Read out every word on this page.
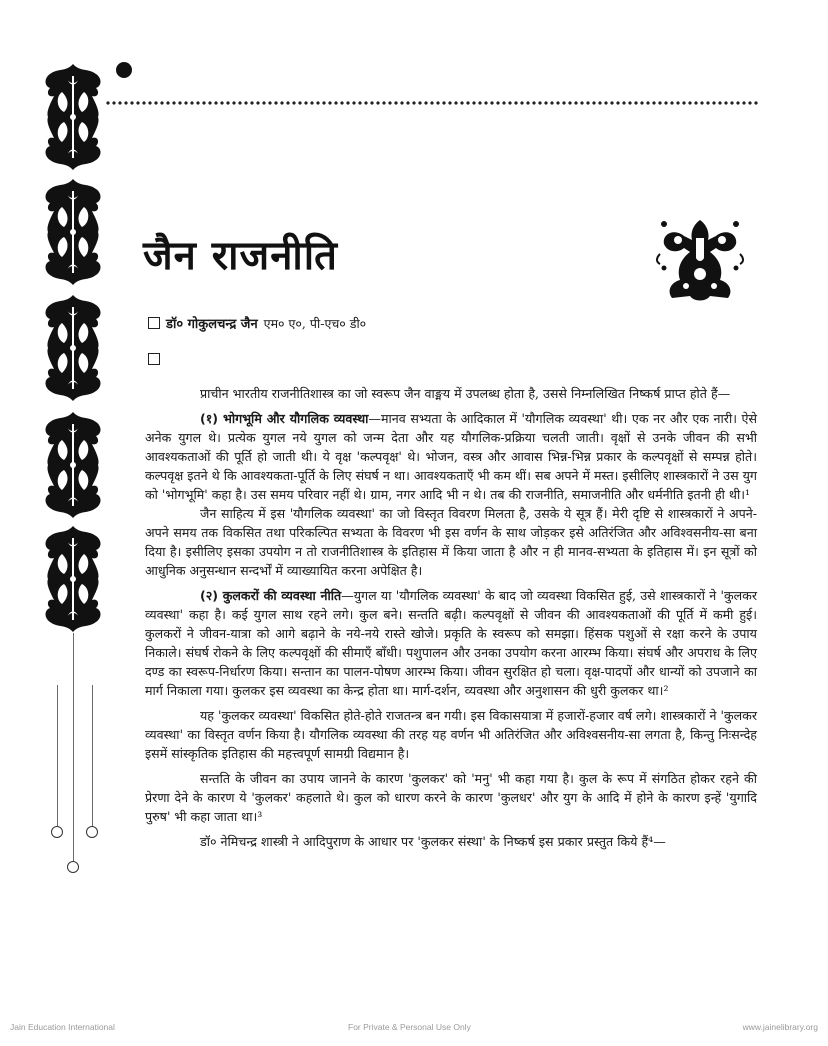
जैन राजनीति
डॉ० गोकुलचन्द्र जैन एम० ए०, पी-एच० डी०

प्राचीन भारतीय राजनीतिशास्त्र का जो स्वरूप जैन वाङ्मय में उपलब्ध होता है, उससे निम्नलिखित निष्कर्ष प्राप्त होते हैं—

(१) भोगभूमि और यौगलिक व्यवस्था—मानव सभ्यता के आदिकाल में 'यौगलिक व्यवस्था' थी। एक नर और एक नारी। ऐसे अनेक युगल थे। प्रत्येक युगल नये युगल को जन्म देता और यह यौगलिक-प्रक्रिया चलती जाती। वृक्षों से उनके जीवन की सभी आवश्यकताओं की पूर्ति हो जाती थी। ये वृक्ष 'कल्पवृक्ष' थे। भोजन, वस्त्र और आवास भिन्न-भिन्न प्रकार के कल्पवृक्षों से सम्पन्न होते। कल्पवृक्ष इतने थे कि आवश्यकता-पूर्ति के लिए संघर्ष न था। आवश्यकताएँ भी कम थीं। सब अपने में मस्त। इसीलिए शास्त्रकारों ने उस युग को 'भोगभूमि' कहा है। उस समय परिवार नहीं थे। ग्राम, नगर आदि भी न थे। तब की राजनीति, समाजनीति और धर्मनीति इतनी ही थी।¹

जैन साहित्य में इस 'यौगलिक व्यवस्था' का जो विस्तृत विवरण मिलता है, उसके ये सूत्र हैं। मेरी दृष्टि से शास्त्रकारों ने अपने-अपने समय तक विकसित तथा परिकल्पित सभ्यता के विवरण भी इस वर्णन के साथ जोड़कर इसे अतिरंजित और अविश्वसनीय-सा बना दिया है। इसीलिए इसका उपयोग न तो राजनीतिशास्त्र के इतिहास में किया जाता है और न ही मानव-सभ्यता के इतिहास में। इन सूत्रों को आधुनिक अनुसन्धान सन्दर्भों में व्याख्यायित करना अपेक्षित है।

(२) कुलकरों की व्यवस्था नीति—युगल या 'यौगलिक व्यवस्था' के बाद जो व्यवस्था विकसित हुई, उसे शास्त्रकारों ने 'कुलकर व्यवस्था' कहा है। कई युगल साथ रहने लगे। कुल बने। सन्तति बढ़ी। कल्पवृक्षों से जीवन की आवश्यकताओं की पूर्ति में कमी हुई। कुलकरों ने जीवन-यात्रा को आगे बढ़ाने के नये-नये रास्ते खोजे। प्रकृति के स्वरूप को समझा। हिंसक पशुओं से रक्षा करने के उपाय निकाले। संघर्ष रोकने के लिए कल्पवृक्षों की सीमाएँ बाँधी। पशुपालन और उनका उपयोग करना आरम्भ किया। संघर्ष और अपराध के लिए दण्ड का स्वरूप-निर्धारण किया। सन्तान का पालन-पोषण आरम्भ किया। जीवन सुरक्षित हो चला। वृक्ष-पादपों और धान्यों को उपजाने का मार्ग निकाला गया। कुलकर इस व्यवस्था का केन्द्र होता था। मार्ग-दर्शन, व्यवस्था और अनुशासन की धुरी कुलकर था।²

यह 'कुलकर व्यवस्था' विकसित होते-होते राजतन्त्र बन गयी। इस विकासयात्रा में हजारों-हजार वर्ष लगे। शास्त्रकारों ने 'कुलकर व्यवस्था' का विस्तृत वर्णन किया है। यौगलिक व्यवस्था की तरह यह वर्णन भी अतिरंजित और अविश्वसनीय-सा लगता है, किन्तु निःसन्देह इसमें सांस्कृतिक इतिहास की महत्त्वपूर्ण सामग्री विद्यमान है।

सन्तति के जीवन का उपाय जानने के कारण 'कुलकर' को 'मनु' भी कहा गया है। कुल के रूप में संगठित होकर रहने की प्रेरणा देने के कारण ये 'कुलकर' कहलाते थे। कुल को धारण करने के कारण 'कुलधर' और युग के आदि में होने के कारण इन्हें 'युगादि पुरुष' भी कहा जाता था।³

डॉ० नेमिचन्द्र शास्त्री ने आदिपुराण के आधार पर 'कुलकर संस्था' के निष्कर्ष इस प्रकार प्रस्तुत किये हैं⁴—

Jain Education International	For Private & Personal Use Only	www.jainelibrary.org
